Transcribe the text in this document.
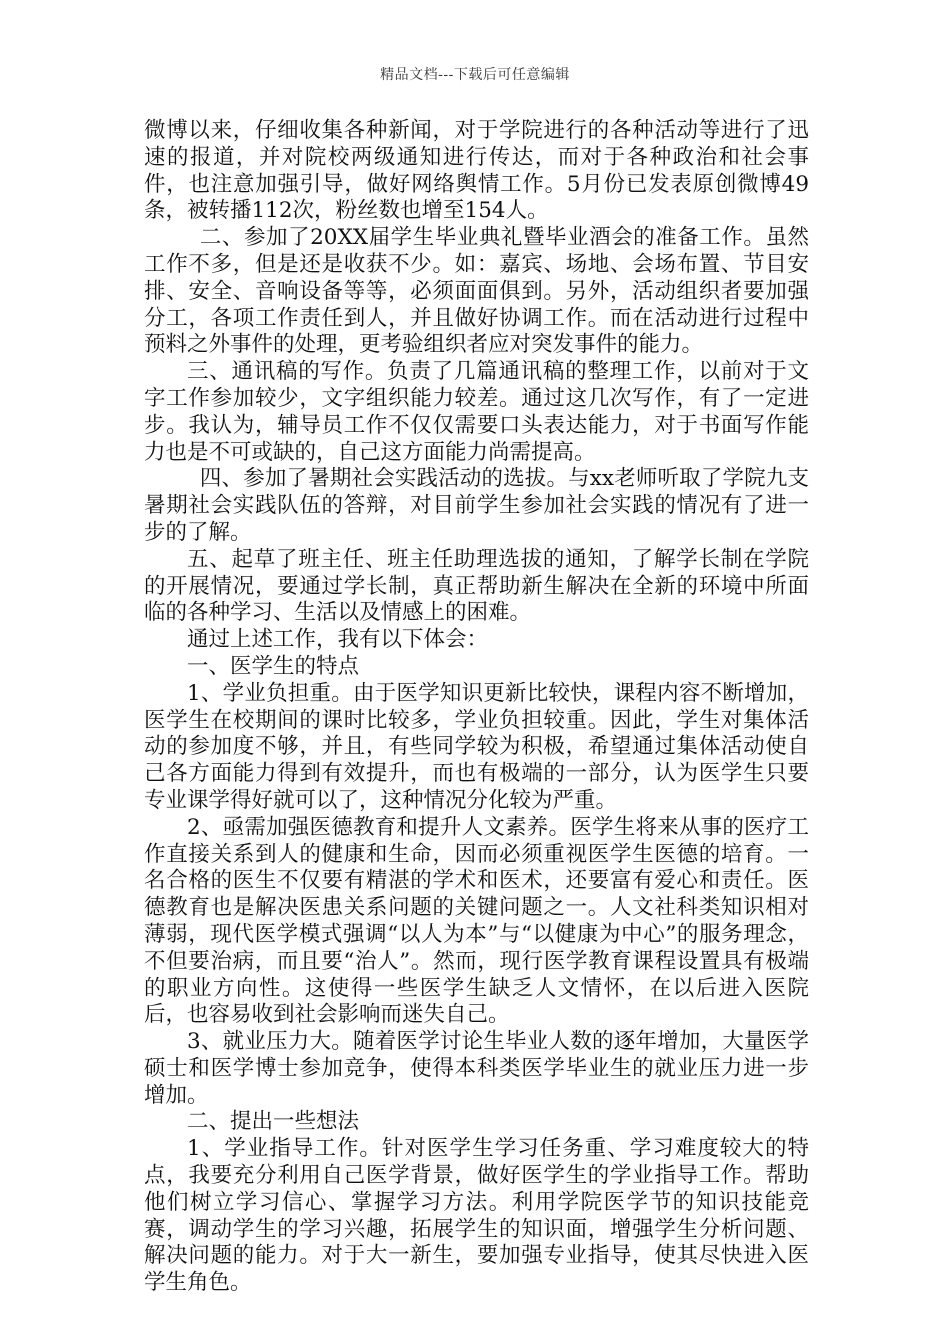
精品文档---下载后可任意编辑

微博以来，仔细收集各种新闻，对于学院进行的各种活动等进行了迅速的报道，并对院校两级通知进行传达，而对于各种政治和社会事件，也注意加强引导，做好网络舆情工作。5月份已发表原创微博49条，被转播112次，粉丝数也增至154人。

二、参加了20XX届学生毕业典礼暨毕业酒会的准备工作。虽然工作不多，但是还是收获不少。如：嘉宾、场地、会场布置、节目安排、安全、音响设备等等，必须面面俱到。另外，活动组织者要加强分工，各项工作责任到人，并且做好协调工作。而在活动进行过程中预料之外事件的处理，更考验组织者应对突发事件的能力。

三、通讯稿的写作。负责了几篇通讯稿的整理工作，以前对于文字工作参加较少，文字组织能力较差。通过这几次写作，有了一定进步。我认为，辅导员工作不仅仅需要口头表达能力，对于书面写作能力也是不可或缺的，自己这方面能力尚需提高。

四、参加了暑期社会实践活动的选拔。与xx老师听取了学院九支暑期社会实践队伍的答辩，对目前学生参加社会实践的情况有了进一步的了解。

五、起草了班主任、班主任助理选拔的通知，了解学长制在学院的开展情况，要通过学长制，真正帮助新生解决在全新的环境中所面临的各种学习、生活以及情感上的困难。

通过上述工作，我有以下体会：

一、医学生的特点

1、学业负担重。由于医学知识更新比较快，课程内容不断增加，医学生在校期间的课时比较多，学业负担较重。因此，学生对集体活动的参加度不够，并且，有些同学较为积极，希望通过集体活动使自己各方面能力得到有效提升，而也有极端的一部分，认为医学生只要专业课学得好就可以了，这种情况分化较为严重。

2、亟需加强医德教育和提升人文素养。医学生将来从事的医疗工作直接关系到人的健康和生命，因而必须重视医学生医德的培育。一名合格的医生不仅要有精湛的学术和医术，还要富有爱心和责任。医德教育也是解决医患关系问题的关键问题之一。人文社科类知识相对薄弱，现代医学模式强调“以人为本”与“以健康为中心”的服务理念，不但要治病，而且要“治人”。然而，现行医学教育课程设置具有极端的职业方向性。这使得一些医学生缺乏人文情怀，在以后进入医院后，也容易收到社会影响而迷失自己。

3、就业压力大。随着医学讨论生毕业人数的逐年增加，大量医学硕士和医学博士参加竞争，使得本科类医学毕业生的就业压力进一步增加。

二、提出一些想法

1、学业指导工作。针对医学生学习任务重、学习难度较大的特点，我要充分利用自己医学背景，做好医学生的学业指导工作。帮助他们树立学习信心、掌握学习方法。利用学院医学节的知识技能竞赛，调动学生的学习兴趣，拓展学生的知识面，增强学生分析问题、解决问题的能力。对于大一新生，要加强专业指导，使其尽快进入医学生角色。
